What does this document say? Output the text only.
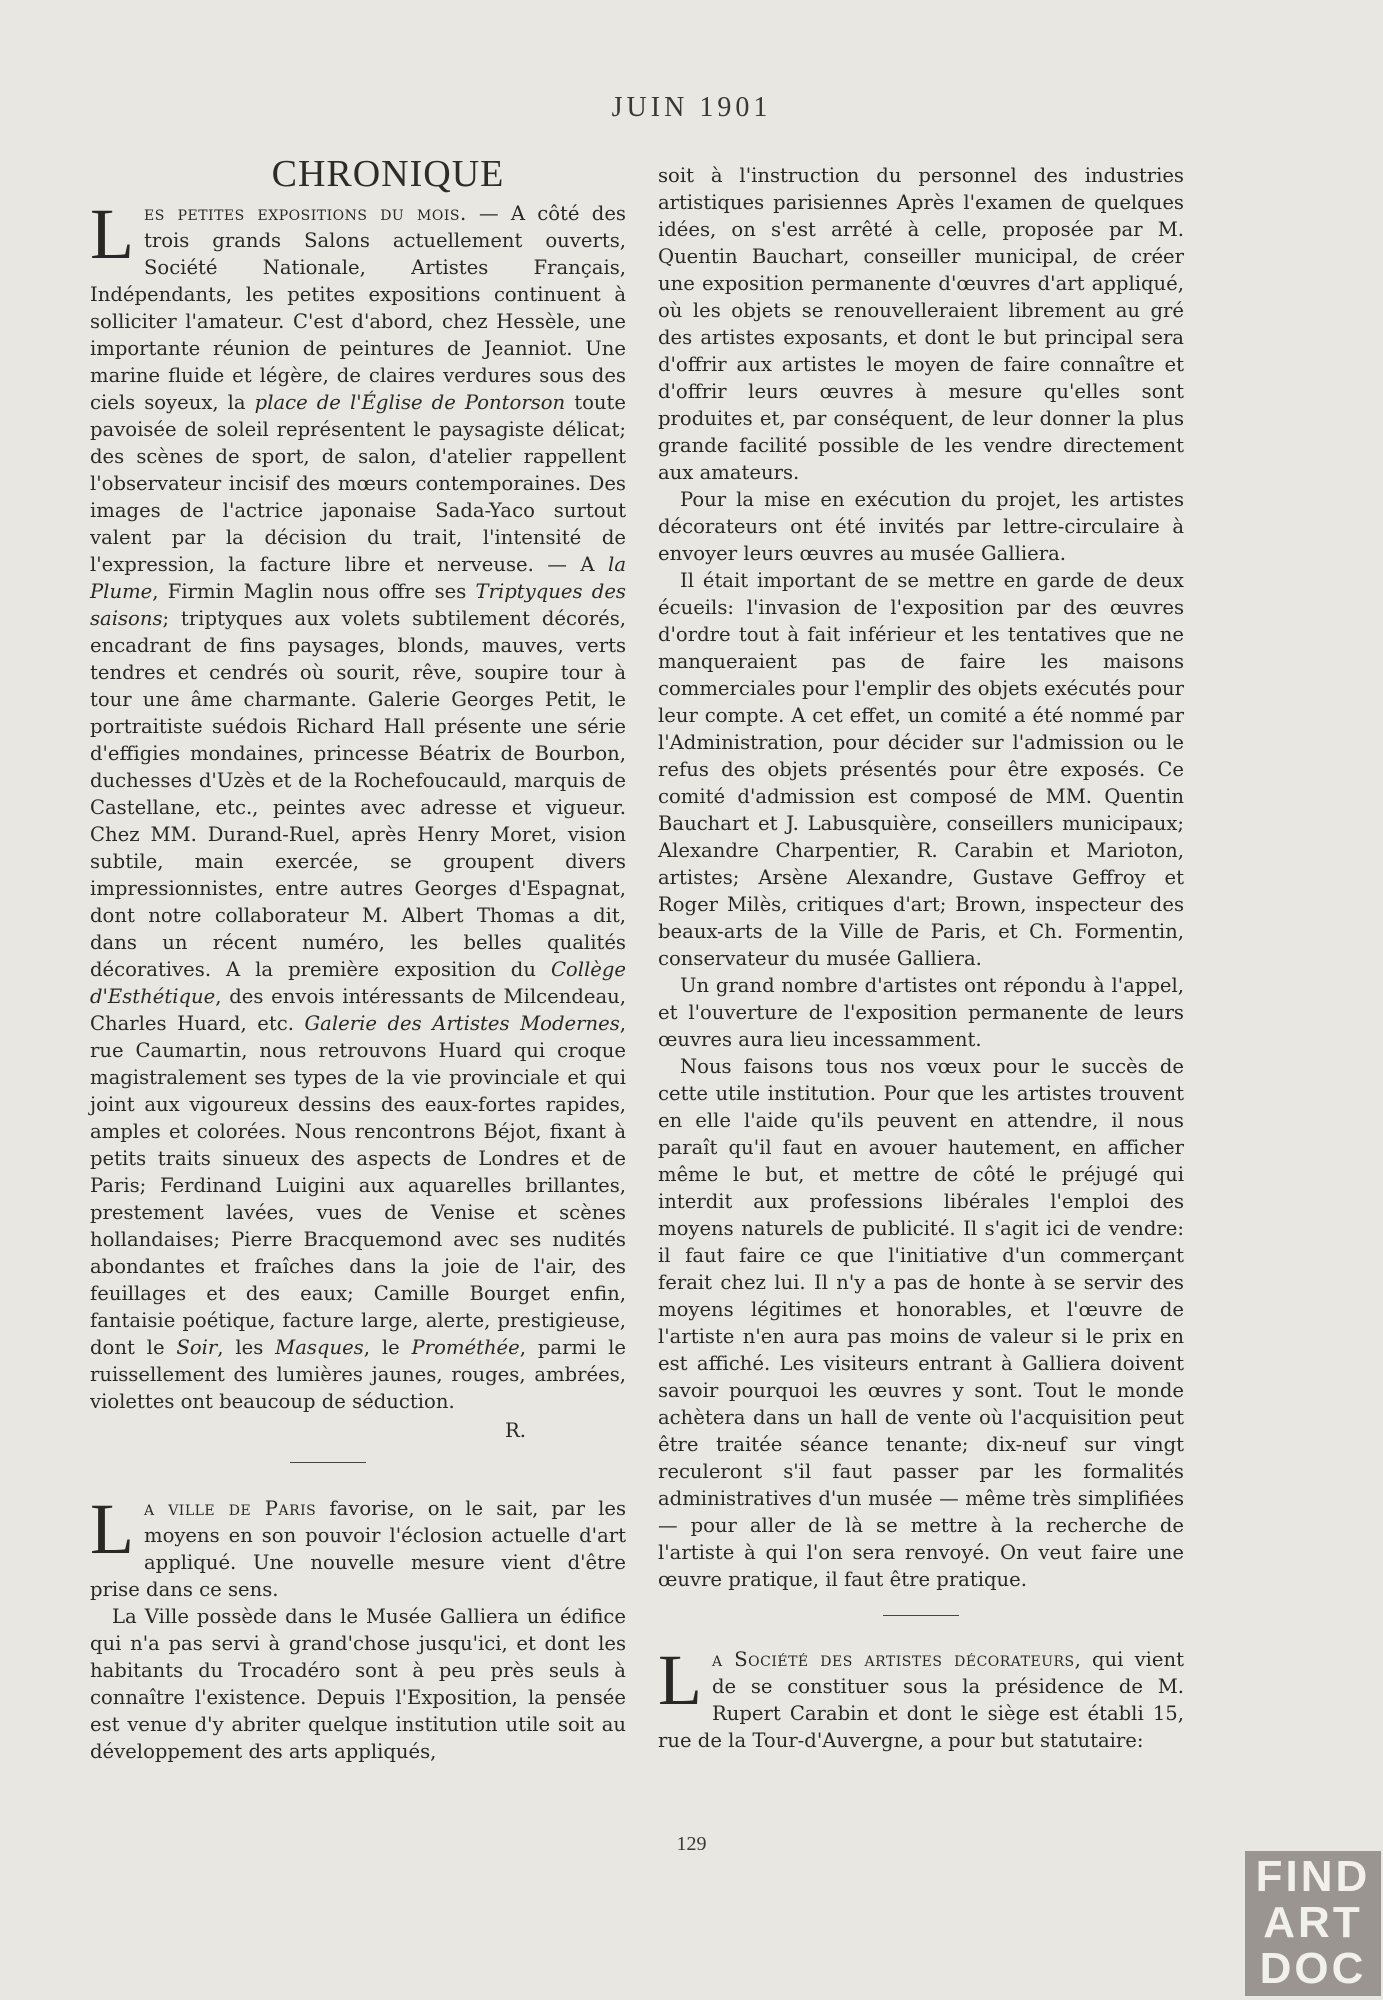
JUIN 1901
CHRONIQUE

Les petites expositions du mois. — A côté des trois grands Salons actuellement ouverts, Société Nationale, Artistes Français, Indépendants, les petites expositions continuent à solliciter l'amateur. C'est d'abord, chez Hessèle, une importante réunion de peintures de Jeanniot. Une marine fluide et légère, de claires verdures sous des ciels soyeux, la place de l'Église de Pontorson toute pavoisée de soleil représentent le paysagiste délicat; des scènes de sport, de salon, d'atelier rappellent l'observateur incisif des mœurs contemporaines. Des images de l'actrice japonaise Sada-Yaco surtout valent par la décision du trait, l'intensité de l'expression, la facture libre et nerveuse. — A la Plume, Firmin Maglin nous offre ses Triptyques des saisons; triptyques aux volets subtilement décorés, encadrant de fins paysages, blonds, mauves, verts tendres et cendrés où sourit, rêve, soupire tour à tour une âme charmante. Galerie Georges Petit, le portraitiste suédois Richard Hall présente une série d'effigies mondaines, princesse Béatrix de Bourbon, duchesses d'Uzès et de la Rochefoucauld, marquis de Castellane, etc., peintes avec adresse et vigueur. Chez MM. Durand-Ruel, après Henry Moret, vision subtile, main exercée, se groupent divers impressionnistes, entre autres Georges d'Espagnat, dont notre collaborateur M. Albert Thomas a dit, dans un récent numéro, les belles qualités décoratives. A la première exposition du Collège d'Esthétique, des envois intéressants de Milcendeau, Charles Huard, etc. Galerie des Artistes Modernes, rue Caumartin, nous retrouvons Huard qui croque magistralement ses types de la vie provinciale et qui joint aux vigoureux dessins des eaux-fortes rapides, amples et colorées. Nous rencontrons Béjot, fixant à petits traits sinueux des aspects de Londres et de Paris; Ferdinand Luigini aux aquarelles brillantes, prestement lavées, vues de Venise et scènes hollandaises; Pierre Bracquemond avec ses nudités abondantes et fraîches dans la joie de l'air, des feuillages et des eaux; Camille Bourget enfin, fantaisie poétique, facture large, alerte, prestigieuse, dont le Soir, les Masques, le Prométhée, parmi le ruissellement des lumières jaunes, rouges, ambrées, violettes ont beaucoup de séduction.

R.

La ville de Paris favorise, on le sait, par les moyens en son pouvoir l'éclosion actuelle d'art appliqué. Une nouvelle mesure vient d'être prise dans ce sens.

La Ville possède dans le Musée Galliera un édifice qui n'a pas servi à grand'chose jusqu'ici, et dont les habitants du Trocadéro sont à peu près seuls à connaître l'existence. Depuis l'Exposition, la pensée est venue d'y abriter quelque institution utile soit au développement des arts appliqués,

soit à l'instruction du personnel des industries artistiques parisiennes Après l'examen de quelques idées, on s'est arrêté à celle, proposée par M. Quentin Bauchart, conseiller municipal, de créer une exposition permanente d'œuvres d'art appliqué, où les objets se renouvelleraient librement au gré des artistes exposants, et dont le but principal sera d'offrir aux artistes le moyen de faire connaître et d'offrir leurs œuvres à mesure qu'elles sont produites et, par conséquent, de leur donner la plus grande facilité possible de les vendre directement aux amateurs.

Pour la mise en exécution du projet, les artistes décorateurs ont été invités par lettre-circulaire à envoyer leurs œuvres au musée Galliera.

Il était important de se mettre en garde de deux écueils: l'invasion de l'exposition par des œuvres d'ordre tout à fait inférieur et les tentatives que ne manqueraient pas de faire les maisons commerciales pour l'emplir des objets exécutés pour leur compte. A cet effet, un comité a été nommé par l'Administration, pour décider sur l'admission ou le refus des objets présentés pour être exposés. Ce comité d'admission est composé de MM. Quentin Bauchart et J. Labusquière, conseillers municipaux; Alexandre Charpentier, R. Carabin et Marioton, artistes; Arsène Alexandre, Gustave Geffroy et Roger Milès, critiques d'art; Brown, inspecteur des beaux-arts de la Ville de Paris, et Ch. Formentin, conservateur du musée Galliera.

Un grand nombre d'artistes ont répondu à l'appel, et l'ouverture de l'exposition permanente de leurs œuvres aura lieu incessamment.

Nous faisons tous nos vœux pour le succès de cette utile institution. Pour que les artistes trouvent en elle l'aide qu'ils peuvent en attendre, il nous paraît qu'il faut en avouer hautement, en afficher même le but, et mettre de côté le préjugé qui interdit aux professions libérales l'emploi des moyens naturels de publicité. Il s'agit ici de vendre: il faut faire ce que l'initiative d'un commerçant ferait chez lui. Il n'y a pas de honte à se servir des moyens légitimes et honorables, et l'œuvre de l'artiste n'en aura pas moins de valeur si le prix en est affiché. Les visiteurs entrant à Galliera doivent savoir pourquoi les œuvres y sont. Tout le monde achètera dans un hall de vente où l'acquisition peut être traitée séance tenante; dix-neuf sur vingt reculeront s'il faut passer par les formalités administratives d'un musée — même très simplifiées — pour aller de là se mettre à la recherche de l'artiste à qui l'on sera renvoyé. On veut faire une œuvre pratique, il faut être pratique.

La Société des artistes décorateurs, qui vient de se constituer sous la présidence de M. Rupert Carabin et dont le siège est établi 15, rue de la Tour-d'Auvergne, a pour but statutaire:

129
FIND
ART
DOC
